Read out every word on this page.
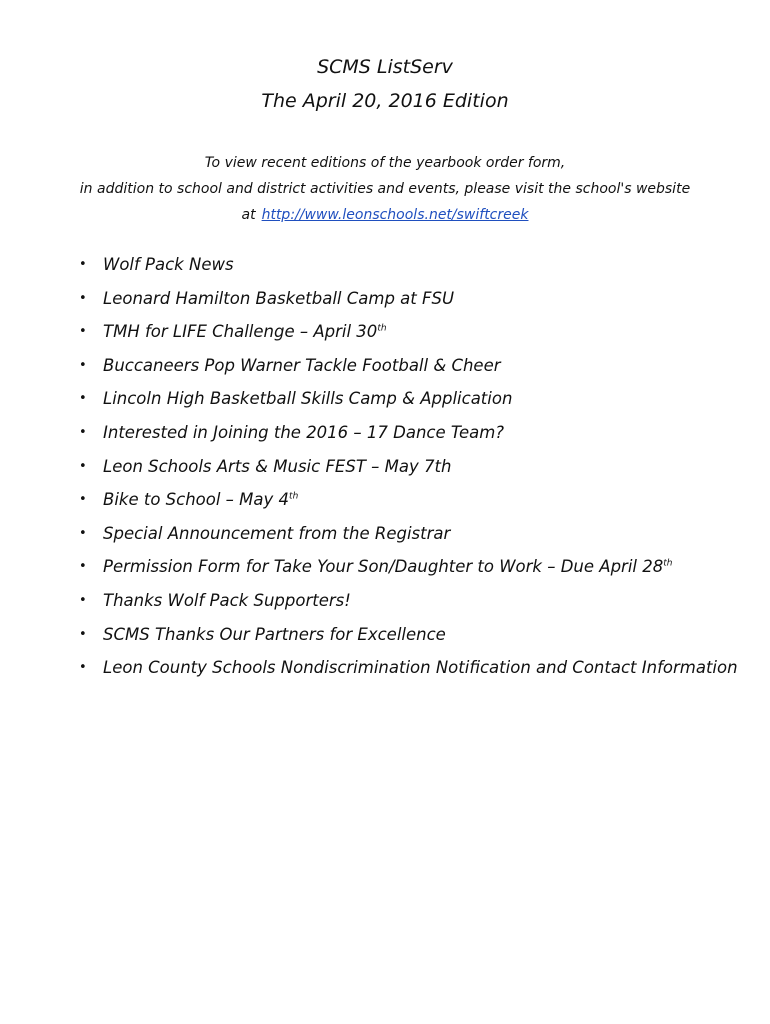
SCMS ListServ
The April 20, 2016 Edition

To view recent editions of the yearbook order form,

in addition to school and district activities and events, please visit the school's website

at http://www.leonschools.net/swiftcreek

• Wolf Pack News
• Leonard Hamilton Basketball Camp at FSU
• TMH for LIFE Challenge – April 30th
• Buccaneers Pop Warner Tackle Football & Cheer
• Lincoln High Basketball Skills Camp & Application
• Interested in Joining the 2016 – 17 Dance Team?
• Leon Schools Arts & Music FEST – May 7th
• Bike to School – May 4th
• Special Announcement from the Registrar
• Permission Form for Take Your Son/Daughter to Work – Due April 28th
• Thanks Wolf Pack Supporters!
• SCMS Thanks Our Partners for Excellence
• Leon County Schools Nondiscrimination Notification and Contact Information
